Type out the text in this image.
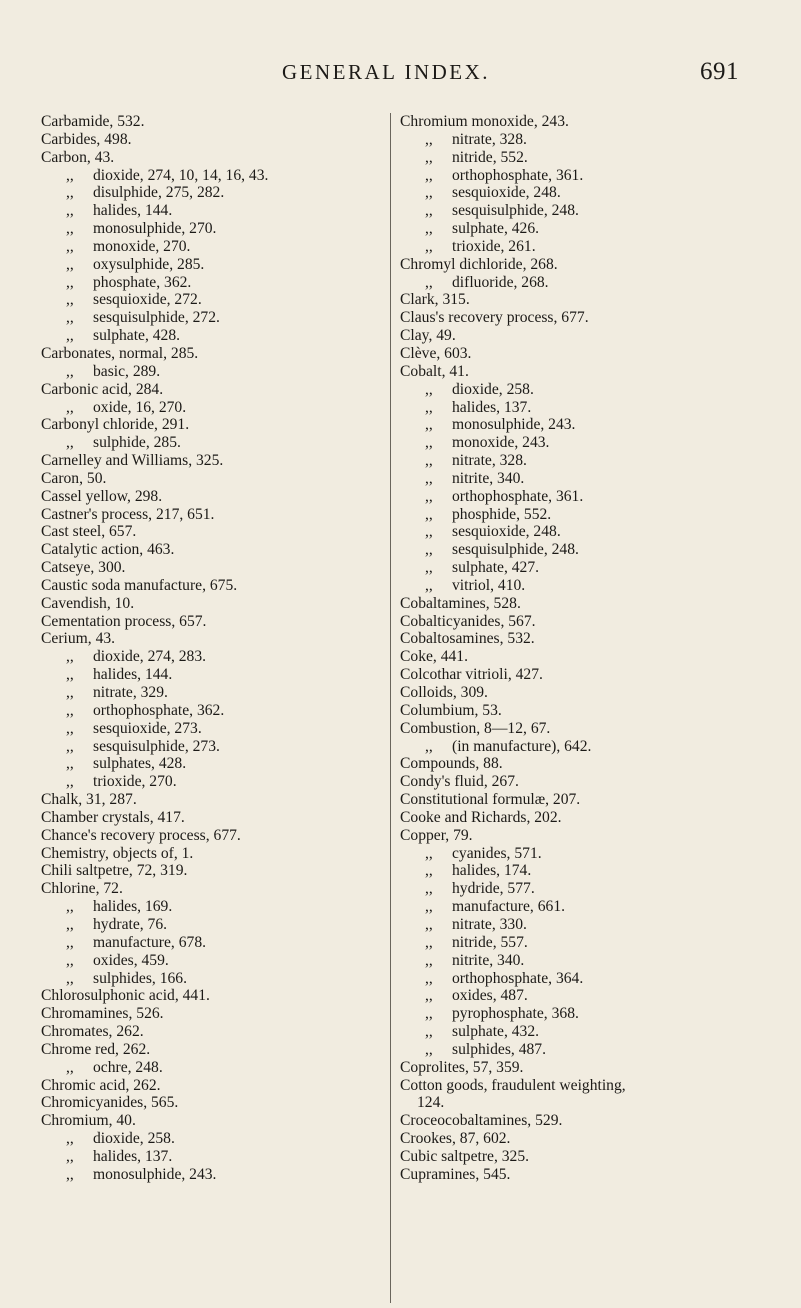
GENERAL INDEX.	691
Carbamide, 532.
Carbides, 498.
Carbon, 43.
,, dioxide, 274, 10, 14, 16, 43.
,, disulphide, 275, 282.
,, halides, 144.
,, monosulphide, 270.
,, monoxide, 270.
,, oxysulphide, 285.
,, phosphate, 362.
,, sesquioxide, 272.
,, sesquisulphide, 272.
,, sulphate, 428.
Carbonates, normal, 285.
,, basic, 289.
Carbonic acid, 284.
,, oxide, 16, 270.
Carbonyl chloride, 291.
,, sulphide, 285.
Carnelley and Williams, 325.
Caron, 50.
Cassel yellow, 298.
Castner's process, 217, 651.
Cast steel, 657.
Catalytic action, 463.
Catseye, 300.
Caustic soda manufacture, 675.
Cavendish, 10.
Cementation process, 657.
Cerium, 43.
,, dioxide, 274, 283.
,, halides, 144.
,, nitrate, 329.
,, orthophosphate, 362.
,, sesquioxide, 273.
,, sesquisulphide, 273.
,, sulphates, 428.
,, trioxide, 270.
Chalk, 31, 287.
Chamber crystals, 417.
Chance's recovery process, 677.
Chemistry, objects of, 1.
Chili saltpetre, 72, 319.
Chlorine, 72.
,, halides, 169.
,, hydrate, 76.
,, manufacture, 678.
,, oxides, 459.
,, sulphides, 166.
Chlorosulphonic acid, 441.
Chromamines, 526.
Chromates, 262.
Chrome red, 262.
,, ochre, 248.
Chromic acid, 262.
Chromicyanides, 565.
Chromium, 40.
,, dioxide, 258.
,, halides, 137.
,, monosulphide, 243.
Chromium monoxide, 243.
,, nitrate, 328.
,, nitride, 552.
,, orthophosphate, 361.
,, sesquioxide, 248.
,, sesquisulphide, 248.
,, sulphate, 426.
,, trioxide, 261.
Chromyl dichloride, 268.
,, difluoride, 268.
Clark, 315.
Claus's recovery process, 677.
Clay, 49.
Clève, 603.
Cobalt, 41.
,, dioxide, 258.
,, halides, 137.
,, monosulphide, 243.
,, monoxide, 243.
,, nitrate, 328.
,, nitrite, 340.
,, orthophosphate, 361.
,, phosphide, 552.
,, sesquioxide, 248.
,, sesquisulphide, 248.
,, sulphate, 427.
,, vitriol, 410.
Cobaltamines, 528.
Cobalticyanides, 567.
Cobaltosamines, 532.
Coke, 441.
Colcothar vitrioli, 427.
Colloids, 309.
Columbium, 53.
Combustion, 8—12, 67.
,, (in manufacture), 642.
Compounds, 88.
Condy's fluid, 267.
Constitutional formulæ, 207.
Cooke and Richards, 202.
Copper, 79.
,, cyanides, 571.
,, halides, 174.
,, hydride, 577.
,, manufacture, 661.
,, nitrate, 330.
,, nitride, 557.
,, nitrite, 340.
,, orthophosphate, 364.
,, oxides, 487.
,, pyrophosphate, 368.
,, sulphate, 432.
,, sulphides, 487.
Coprolites, 57, 359.
Cotton goods, fraudulent weighting,
124.
Croceocobaltamines, 529.
Crookes, 87, 602.
Cubic saltpetre, 325.
Cupramines, 545.
